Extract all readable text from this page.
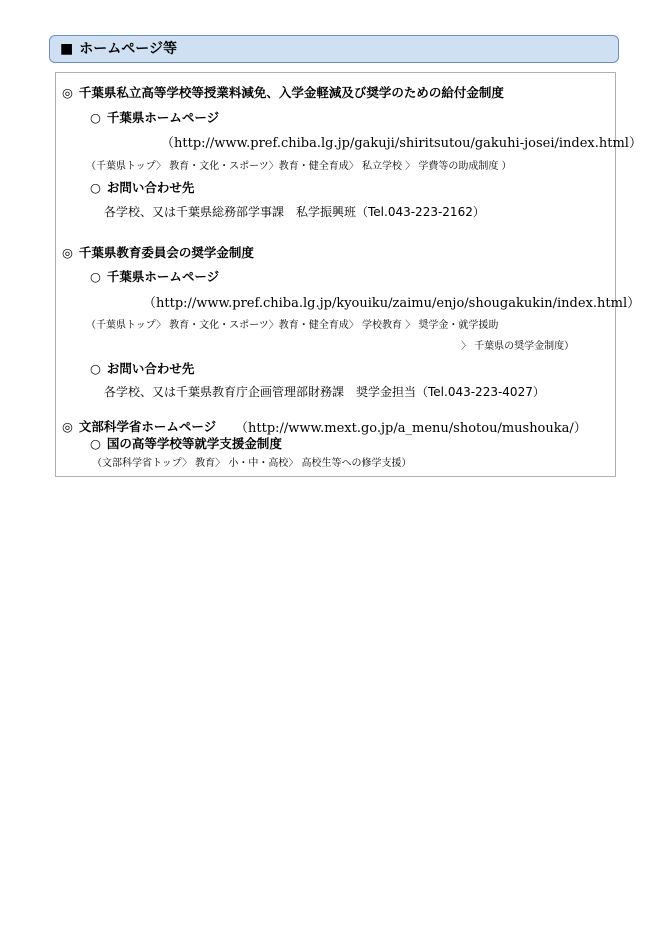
■ ホームページ等
◎ 千葉県私立高等学校等授業料減免、入学金軽減及び奨学のための給付金制度
○ 千葉県ホームページ
（http://www.pref.chiba.lg.jp/gakuji/shiritsutou/gakuhi-josei/index.html）
（千葉県トップ〉 教育・文化・スポーツ〉教育・健全育成〉 私立学校 〉 学費等の助成制度 ）
○ お問い合わせ先
各学校、又は千葉県総務部学事課　私学振興班（Tel.043-223-2162）
◎ 千葉県教育委員会の奨学金制度
○ 千葉県ホームページ
（http://www.pref.chiba.lg.jp/kyouiku/zaimu/enjo/shougakukin/index.html）
（千葉県トップ〉 教育・文化・スポーツ〉教育・健全育成〉 学校教育 〉 奨学金・就学援助
〉 千葉県の奨学金制度）
○ お問い合わせ先
各学校、又は千葉県教育庁企画管理部財務課　奨学金担当（Tel.043-223-4027）
◎ 文部科学省ホームページ （http://www.mext.go.jp/a_menu/shotou/mushouka/）
○ 国の高等学校等就学支援金制度
（文部科学省トップ〉 教育〉 小・中・高校〉 高校生等への修学支援）
